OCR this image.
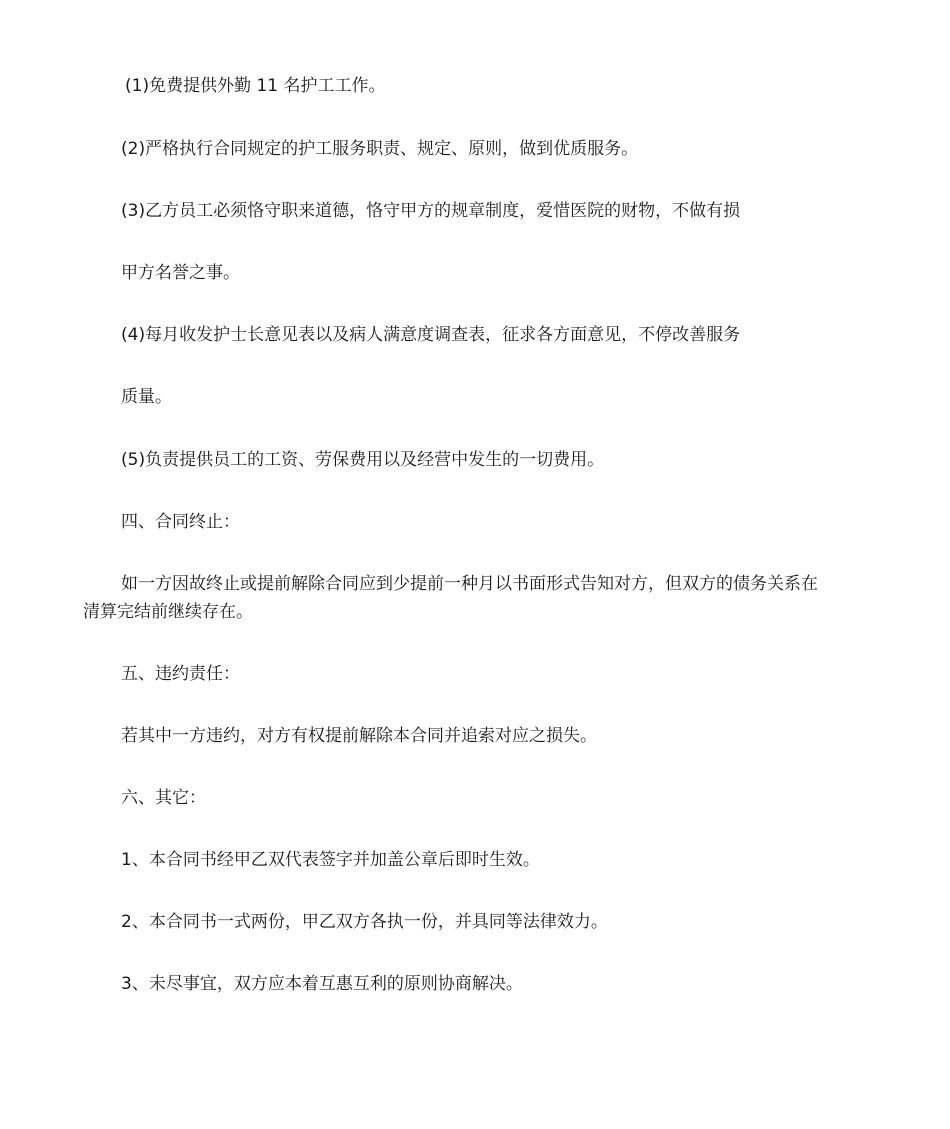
(1)免费提供外勤 11 名护工工作。

(2)严格执行合同规定的护工服务职责、规定、原则，做到优质服务。

(3)乙方员工必须恪守职来道德，恪守甲方的规章制度，爱惜医院的财物，不做有损

甲方名誉之事。

(4)每月收发护士长意见表以及病人满意度调查表，征求各方面意见，不停改善服务

质量。

(5)负责提供员工的工资、劳保费用以及经营中发生的一切费用。

四、合同终止：

如一方因故终止或提前解除合同应到少提前一种月以书面形式告知对方，但双方的债务关系在

清算完结前继续存在。

五、违约责任：

若其中一方违约，对方有权提前解除本合同并追索对应之损失。

六、其它：

1、本合同书经甲乙双代表签字并加盖公章后即时生效。

2、本合同书一式两份，甲乙双方各执一份，并具同等法律效力。

3、未尽事宜，双方应本着互惠互利的原则协商解决。
